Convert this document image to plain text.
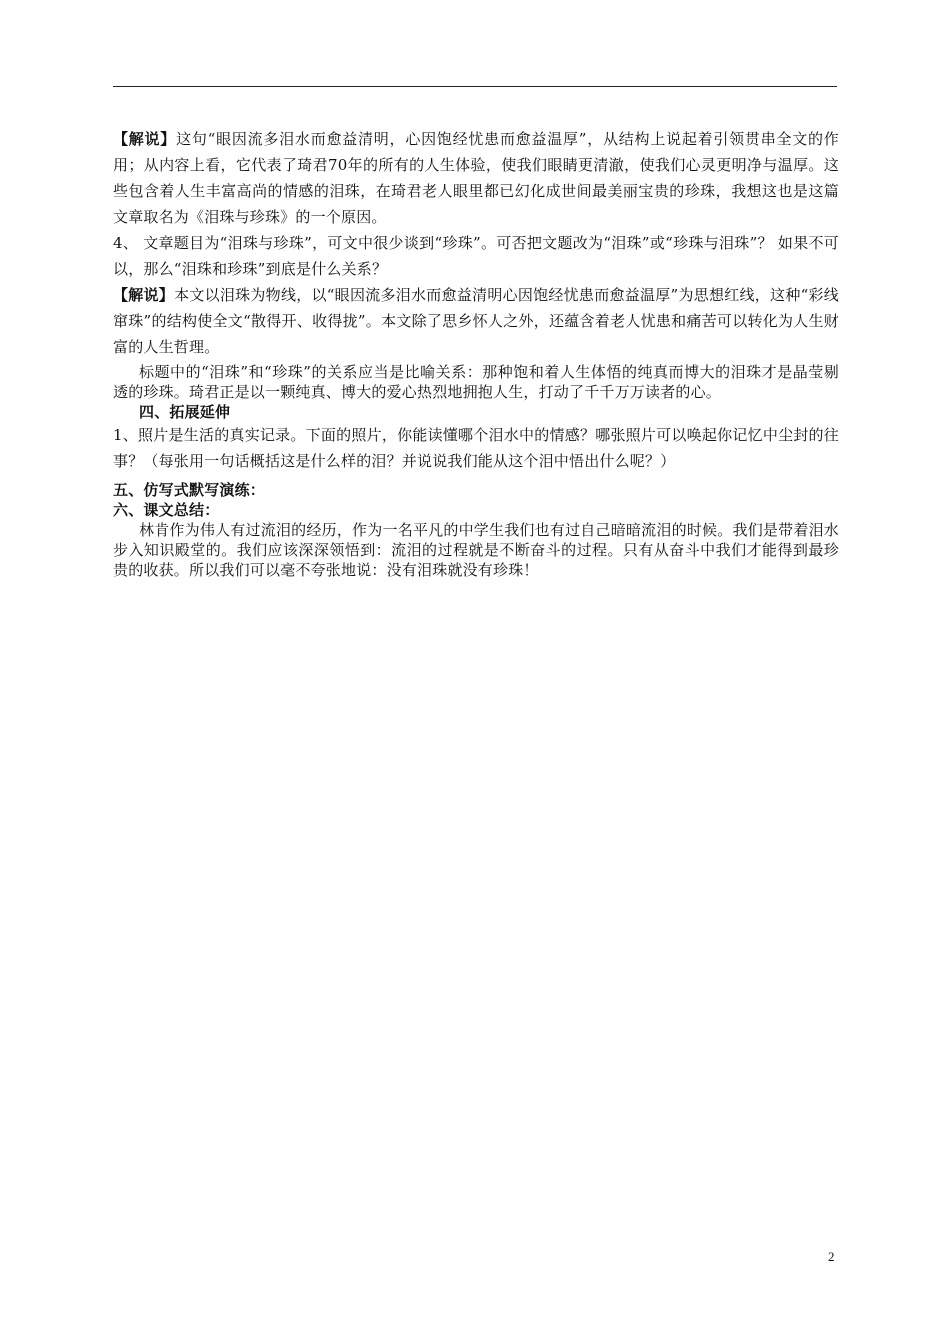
【解说】这句“眼因流多泪水而愈益清明，心因饱经忧患而愈益温厚”，从结构上说起着引领贯串全文的作用；从内容上看，它代表了琦君70年的所有的人生体验，使我们眼睛更清澈，使我们心灵更明净与温厚。这些包含着人生丰富高尚的情感的泪珠，在琦君老人眼里都已幻化成世间最美丽宝贵的珍珠，我想这也是这篇文章取名为《泪珠与珍珠》的一个原因。

4、 文章题目为“泪珠与珍珠”，可文中很少谈到“珍珠”。可否把文题改为“泪珠”或“珍珠与泪珠”？ 如果不可以，那么“泪珠和珍珠”到底是什么关系？

【解说】本文以泪珠为物线，以“眼因流多泪水而愈益清明心因饱经忧患而愈益温厚”为思想红线，这种“彩线窜珠”的结构使全文“散得开、收得拢”。本文除了思乡怀人之外，还蕴含着老人忧患和痛苦可以转化为人生财富的人生哲理。

标题中的“泪珠”和“珍珠”的关系应当是比喻关系：那种饱和着人生体悟的纯真而博大的泪珠才是晶莹剔透的珍珠。琦君正是以一颗纯真、博大的爱心热烈地拥抱人生，打动了千千万万读者的心。

四、拓展延伸

1、照片是生活的真实记录。下面的照片，你能读懂哪个泪水中的情感？哪张照片可以唤起你记忆中尘封的往事？（每张用一句话概括这是什么样的泪？并说说我们能从这个泪中悟出什么呢？）

五、仿写式默写演练：

六、课文总结：

林肯作为伟人有过流泪的经历，作为一名平凡的中学生我们也有过自己暗暗流泪的时候。我们是带着泪水步入知识殿堂的。我们应该深深领悟到：流泪的过程就是不断奋斗的过程。只有从奋斗中我们才能得到最珍贵的收获。所以我们可以毫不夸张地说：没有泪珠就没有珍珠！

2
